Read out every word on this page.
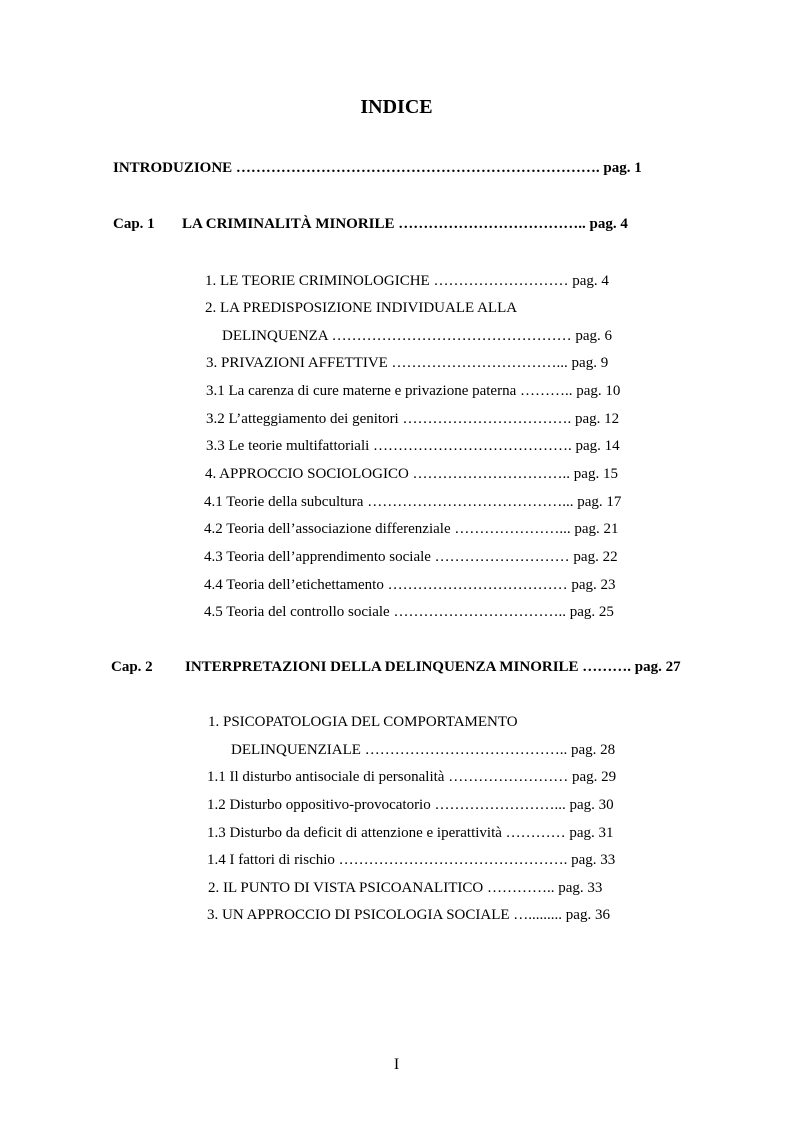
INDICE
INTRODUZIONE ………………………………………………………………. pag. 1
Cap. 1 LA CRIMINALITÀ MINORILE ……………………………….. pag. 4
1. LE TEORIE CRIMINOLOGICHE ……………………… pag. 4
2. LA PREDISPOSIZIONE INDIVIDUALE ALLA
DELINQUENZA ………………………………………… pag. 6
3. PRIVAZIONI AFFETTIVE ……………………………... pag. 9
3.1 La carenza di cure materne e privazione paterna ……….. pag. 10
3.2 L’atteggiamento dei genitori ……………………………. pag. 12
3.3 Le teorie multifattoriali …………………………………. pag. 14
4. APPROCCIO SOCIOLOGICO ………………………….. pag. 15
4.1 Teorie della subcultura …………………………………... pag. 17
4.2 Teoria dell’associazione differenziale …………………... pag. 21
4.3 Teoria dell’apprendimento sociale ……………………… pag. 22
4.4 Teoria dell’etichettamento ……………………………… pag. 23
4.5 Teoria del controllo sociale …………………………….. pag. 25
Cap. 2 INTERPRETAZIONI DELLA DELINQUENZA MINORILE ………. pag. 27
1. PSICOPATOLOGIA DEL COMPORTAMENTO
DELINQUENZIALE ………………………………….. pag. 28
1.1 Il disturbo antisociale di personalità …………………… pag. 29
1.2 Disturbo oppositivo-provocatorio ……………………... pag. 30
1.3 Disturbo da deficit di attenzione e iperattività ………… pag. 31
1.4 I fattori di rischio ………………………………………. pag. 33
2. IL PUNTO DI VISTA PSICOANALITICO ………….. pag. 33
3. UN APPROCCIO DI PSICOLOGIA SOCIALE …......... pag. 36
I
